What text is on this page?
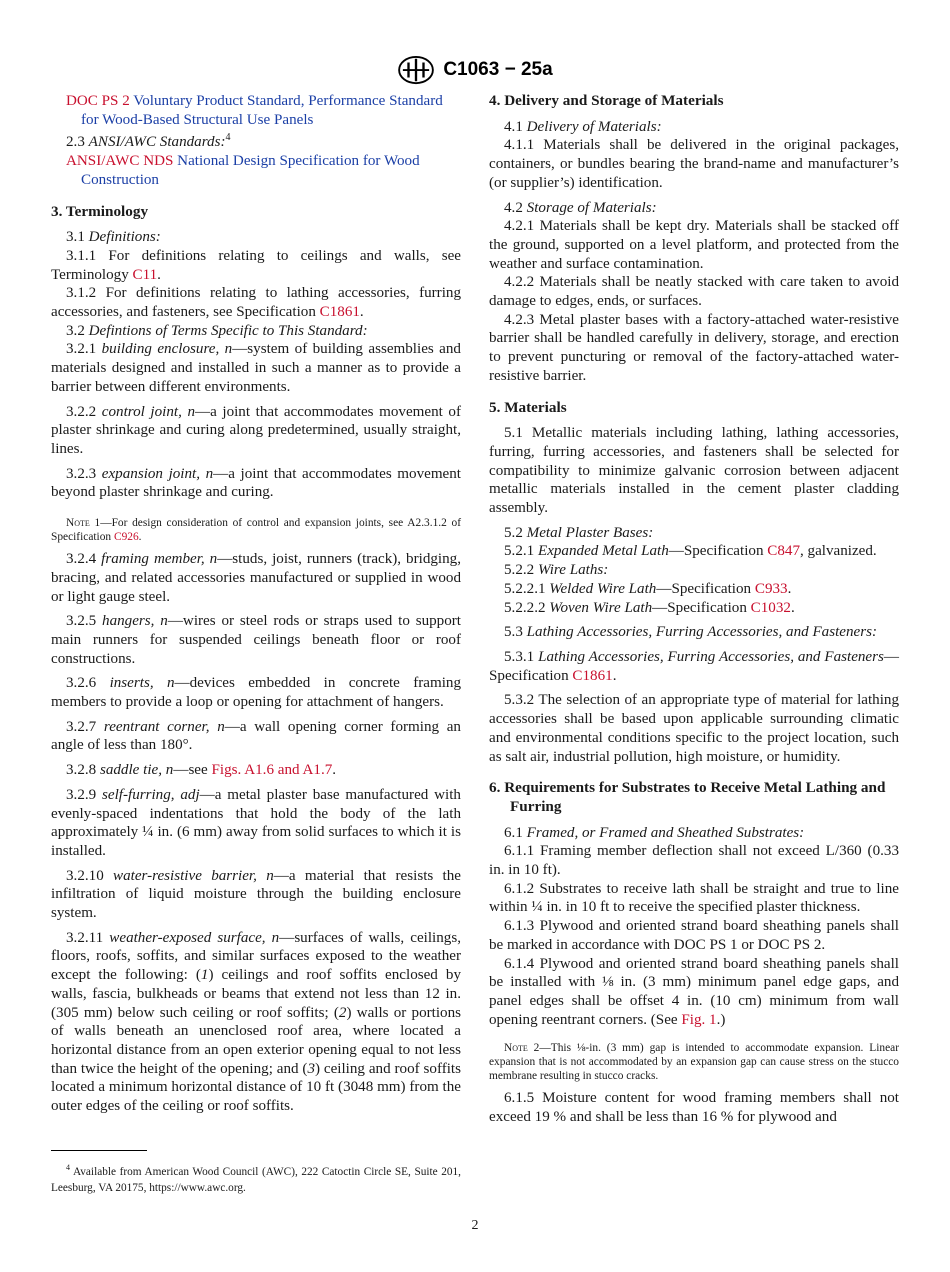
C1063 − 25a

DOC PS 2 Voluntary Product Standard, Performance Standard for Wood-Based Structural Use Panels

2.3 ANSI/AWC Standards:$^4$

ANSI/AWC NDS National Design Specification for Wood Construction

3. Terminology

3.1 Definitions:

3.1.1 For definitions relating to ceilings and walls, see Terminology C11.

3.1.2 For definitions relating to lathing accessories, furring accessories, and fasteners, see Specification C1861.

3.2 Defintions of Terms Specific to This Standard:

3.2.1 building enclosure, n—system of building assemblies and materials designed and installed in such a manner as to provide a barrier between different environments.

3.2.2 control joint, n—a joint that accommodates movement of plaster shrinkage and curing along predetermined, usually straight, lines.

3.2.3 expansion joint, n—a joint that accommodates movement beyond plaster shrinkage and curing.

Note 1—For design consideration of control and expansion joints, see A2.3.1.2 of Specification C926.

3.2.4 framing member, n—studs, joist, runners (track), bridging, bracing, and related accessories manufactured or supplied in wood or light gauge steel.

3.2.5 hangers, n—wires or steel rods or straps used to support main runners for suspended ceilings beneath floor or roof constructions.

3.2.6 inserts, n—devices embedded in concrete framing members to provide a loop or opening for attachment of hangers.

3.2.7 reentrant corner, n—a wall opening corner forming an angle of less than 180°.

3.2.8 saddle tie, n—see Figs. A1.6 and A1.7.

3.2.9 self-furring, adj—a metal plaster base manufactured with evenly-spaced indentations that hold the body of the lath approximately ¼ in. (6 mm) away from solid surfaces to which it is installed.

3.2.10 water-resistive barrier, n—a material that resists the infiltration of liquid moisture through the building enclosure system.

3.2.11 weather-exposed surface, n—surfaces of walls, ceilings, floors, roofs, soffits, and similar surfaces exposed to the weather except the following: (1) ceilings and roof soffits enclosed by walls, fascia, bulkheads or beams that extend not less than 12 in. (305 mm) below such ceiling or roof soffits; (2) walls or portions of walls beneath an unenclosed roof area, where located a horizontal distance from an open exterior opening equal to not less than twice the height of the opening; and (3) ceiling and roof soffits located a minimum horizontal distance of 10 ft (3048 mm) from the outer edges of the ceiling or roof soffits.

$^4$ Available from American Wood Council (AWC), 222 Catoctin Circle SE, Suite 201, Leesburg, VA 20175, https://www.awc.org.
4. Delivery and Storage of Materials

4.1 Delivery of Materials:

4.1.1 Materials shall be delivered in the original packages, containers, or bundles bearing the brand-name and manufacturer’s (or supplier’s) identification.

4.2 Storage of Materials:

4.2.1 Materials shall be kept dry. Materials shall be stacked off the ground, supported on a level platform, and protected from the weather and surface contamination.

4.2.2 Materials shall be neatly stacked with care taken to avoid damage to edges, ends, or surfaces.

4.2.3 Metal plaster bases with a factory-attached water-resistive barrier shall be handled carefully in delivery, storage, and erection to prevent puncturing or removal of the factory-attached water-resistive barrier.

5. Materials

5.1 Metallic materials including lathing, lathing accessories, furring, furring accessories, and fasteners shall be selected for compatibility to minimize galvanic corrosion between adjacent metallic materials installed in the cement plaster cladding assembly.

5.2 Metal Plaster Bases:

5.2.1 Expanded Metal Lath—Specification C847, galvanized.

5.2.2 Wire Laths:

5.2.2.1 Welded Wire Lath—Specification C933.

5.2.2.2 Woven Wire Lath—Specification C1032.

5.3 Lathing Accessories, Furring Accessories, and Fasteners:

5.3.1 Lathing Accessories, Furring Accessories, and Fasteners—Specification C1861.

5.3.2 The selection of an appropriate type of material for lathing accessories shall be based upon applicable surrounding climatic and environmental conditions specific to the project location, such as salt air, industrial pollution, high moisture, or humidity.

6. Requirements for Substrates to Receive Metal Lathing and Furring

6.1 Framed, or Framed and Sheathed Substrates:

6.1.1 Framing member deflection shall not exceed L/360 (0.33 in. in 10 ft).

6.1.2 Substrates to receive lath shall be straight and true to line within ¼ in. in 10 ft to receive the specified plaster thickness.

6.1.3 Plywood and oriented strand board sheathing panels shall be marked in accordance with DOC PS 1 or DOC PS 2.

6.1.4 Plywood and oriented strand board sheathing panels shall be installed with ⅛ in. (3 mm) minimum panel edge gaps, and panel edges shall be offset 4 in. (10 cm) minimum from wall opening reentrant corners. (See Fig. 1.)

Note 2—This ⅛-in. (3 mm) gap is intended to accommodate expansion. Linear expansion that is not accommodated by an expansion gap can cause stress on the stucco membrane resulting in stucco cracks.

6.1.5 Moisture content for wood framing members shall not exceed 19 % and shall be less than 16 % for plywood and

2
